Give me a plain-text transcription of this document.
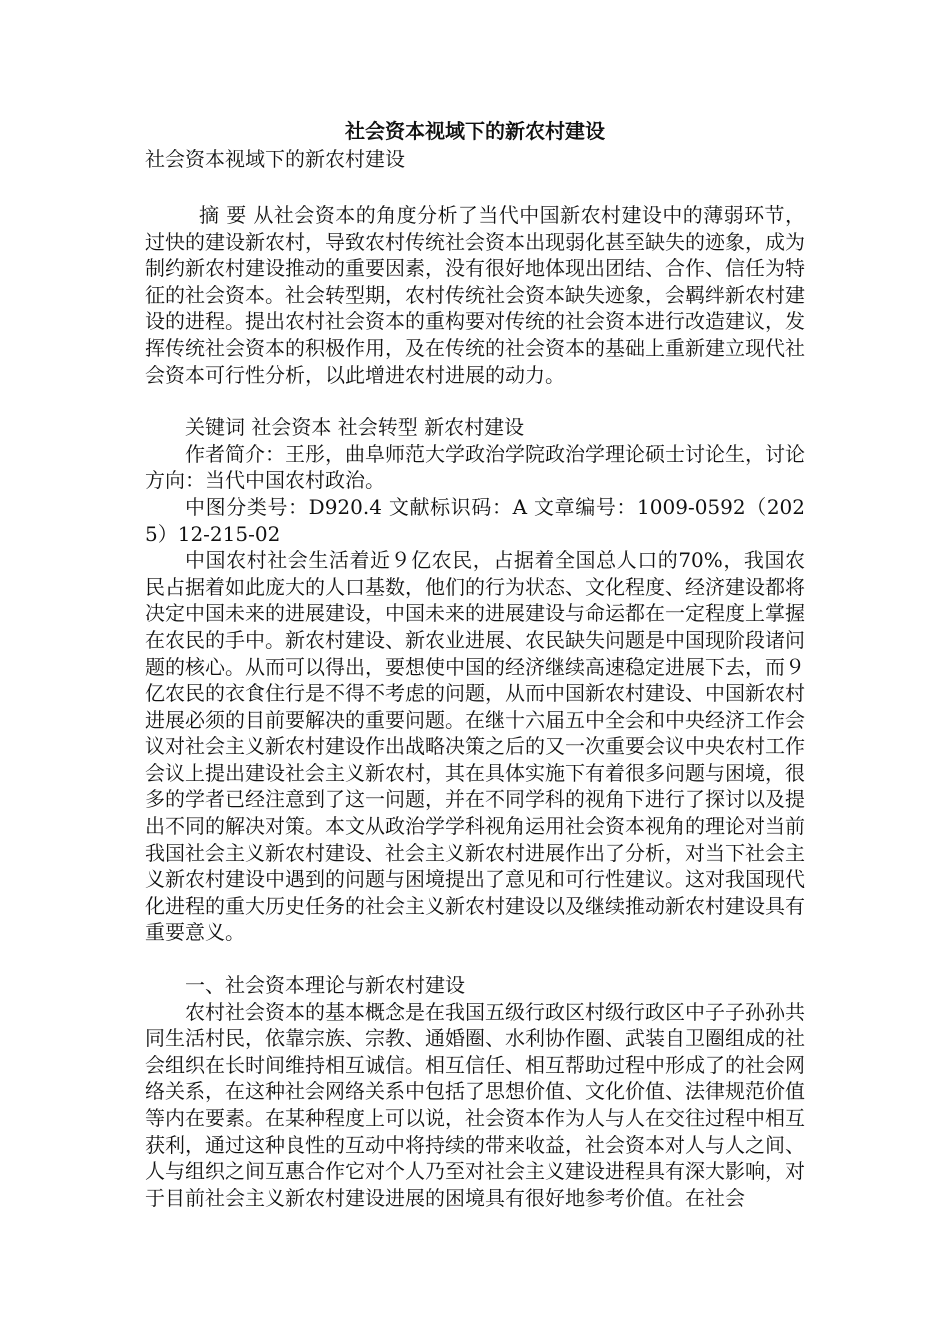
社会资本视域下的新农村建设

社会资本视域下的新农村建设

摘 要 从社会资本的角度分析了当代中国新农村建设中的薄弱环节，过快的建设新农村，导致农村传统社会资本出现弱化甚至缺失的迹象，成为制约新农村建设推动的重要因素，没有很好地体现出团结、合作、信任为特征的社会资本。社会转型期，农村传统社会资本缺失迹象，会羁绊新农村建设的进程。提出农村社会资本的重构要对传统的社会资本进行改造建议，发挥传统社会资本的积极作用，及在传统的社会资本的基础上重新建立现代社会资本可行性分析，以此增进农村进展的动力。

关键词 社会资本 社会转型 新农村建设

作者简介：王彤，曲阜师范大学政治学院政治学理论硕士讨论生，讨论方向：当代中国农村政治。

中图分类号：D920.4 文献标识码：A 文章编号：1009-0592（2025）12-215-02

中国农村社会生活着近９亿农民，占据着全国总人口的70%，我国农民占据着如此庞大的人口基数，他们的行为状态、文化程度、经济建设都将决定中国未来的进展建设，中国未来的进展建设与命运都在一定程度上掌握在农民的手中。新农村建设、新农业进展、农民缺失问题是中国现阶段诸问题的核心。从而可以得出，要想使中国的经济继续高速稳定进展下去，而９亿农民的衣食住行是不得不考虑的问题，从而中国新农村建设、中国新农村进展必须的目前要解决的重要问题。在继十六届五中全会和中央经济工作会议对社会主义新农村建设作出战略决策之后的又一次重要会议中央农村工作会议上提出建设社会主义新农村，其在具体实施下有着很多问题与困境，很多的学者已经注意到了这一问题，并在不同学科的视角下进行了探讨以及提出不同的解决对策。本文从政治学学科视角运用社会资本视角的理论对当前我国社会主义新农村建设、社会主义新农村进展作出了分析，对当下社会主义新农村建设中遇到的问题与困境提出了意见和可行性建议。这对我国现代化进程的重大历史任务的社会主义新农村建设以及继续推动新农村建设具有重要意义。

一、社会资本理论与新农村建设

农村社会资本的基本概念是在我国五级行政区村级行政区中子子孙孙共同生活村民，依靠宗族、宗教、通婚圈、水利协作圈、武装自卫圈组成的社会组织在长时间维持相互诚信。相互信任、相互帮助过程中形成了的社会网络关系，在这种社会网络关系中包括了思想价值、文化价值、法律规范价值等内在要素。在某种程度上可以说，社会资本作为人与人在交往过程中相互获利，通过这种良性的互动中将持续的带来收益，社会资本对人与人之间、人与组织之间互惠合作它对个人乃至对社会主义建设进程具有深大影响，对于目前社会主义新农村建设进展的困境具有很好地参考价值。在社会
